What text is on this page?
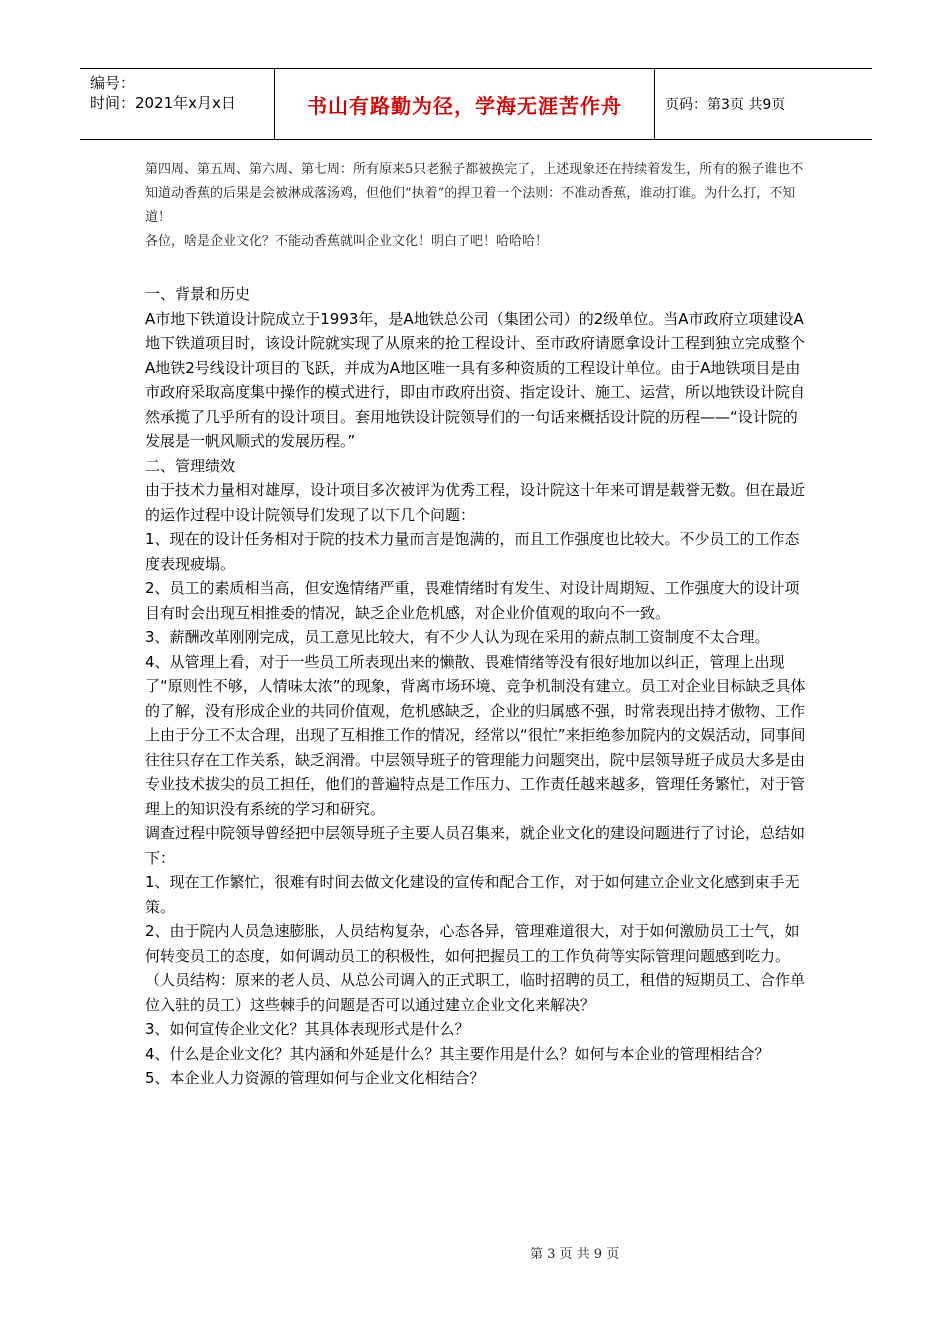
编号：
时间：2021年x月x日	书山有路勤为径，学海无涯苦作舟	页码：第3页 共9页

第四周、第五周、第六周、第七周：所有原来5只老猴子都被换完了，上述现象还在持续着发生，所有的猴子谁也不知道动香蕉的后果是会被淋成落汤鸡，但他们“执着”的捍卫着一个法则：不准动香蕉，谁动打谁。为什么打，不知道！

各位，啥是企业文化？不能动香蕉就叫企业文化！明白了吧！哈哈哈！

一、背景和历史

A市地下铁道设计院成立于1993年，是A地铁总公司（集团公司）的2级单位。当A市政府立项建设A地下铁道项目时，该设计院就实现了从原来的抢工程设计、至市政府请愿拿设计工程到独立完成整个A地铁2号线设计项目的飞跃，并成为A地区唯一具有多种资质的工程设计单位。由于A地铁项目是由市政府采取高度集中操作的模式进行，即由市政府出资、指定设计、施工、运营，所以地铁设计院自然承揽了几乎所有的设计项目。套用地铁设计院领导们的一句话来概括设计院的历程——“设计院的发展是一帆风顺式的发展历程。”

二、管理绩效

由于技术力量相对雄厚，设计项目多次被评为优秀工程，设计院这十年来可谓是载誉无数。但在最近的运作过程中设计院领导们发现了以下几个问题：

1、现在的设计任务相对于院的技术力量而言是饱满的，而且工作强度也比较大。不少员工的工作态度表现疲塌。

2、员工的素质相当高，但安逸情绪严重，畏难情绪时有发生、对设计周期短、工作强度大的设计项目有时会出现互相推委的情况，缺乏企业危机感，对企业价值观的取向不一致。

3、薪酬改革刚刚完成，员工意见比较大，有不少人认为现在采用的薪点制工资制度不太合理。

4、从管理上看，对于一些员工所表现出来的懒散、畏难情绪等没有很好地加以纠正，管理上出现了“原则性不够，人情味太浓”的现象，背离市场环境、竞争机制没有建立。员工对企业目标缺乏具体的了解，没有形成企业的共同价值观，危机感缺乏，企业的归属感不强，时常表现出持才傲物、工作上由于分工不太合理，出现了互相推工作的情况，经常以“很忙”来拒绝参加院内的文娱活动，同事间往往只存在工作关系，缺乏润滑。中层领导班子的管理能力问题突出，院中层领导班子成员大多是由专业技术拔尖的员工担任，他们的普遍特点是工作压力、工作责任越来越多，管理任务繁忙，对于管理上的知识没有系统的学习和研究。

调查过程中院领导曾经把中层领导班子主要人员召集来，就企业文化的建设问题进行了讨论，总结如下：

1、现在工作繁忙，很难有时间去做文化建设的宣传和配合工作，对于如何建立企业文化感到束手无策。

2、由于院内人员急速膨胀，人员结构复杂，心态各异，管理难道很大，对于如何激励员工士气，如何转变员工的态度，如何调动员工的积极性，如何把握员工的工作负荷等实际管理问题感到吃力。（人员结构：原来的老人员、从总公司调入的正式职工，临时招聘的员工，租借的短期员工、合作单位入驻的员工）这些棘手的问题是否可以通过建立企业文化来解决？

3、如何宣传企业文化？其具体表现形式是什么？

4、什么是企业文化？其内涵和外延是什么？其主要作用是什么？如何与本企业的管理相结合？

5、本企业人力资源的管理如何与企业文化相结合？

第 3 页 共 9 页
